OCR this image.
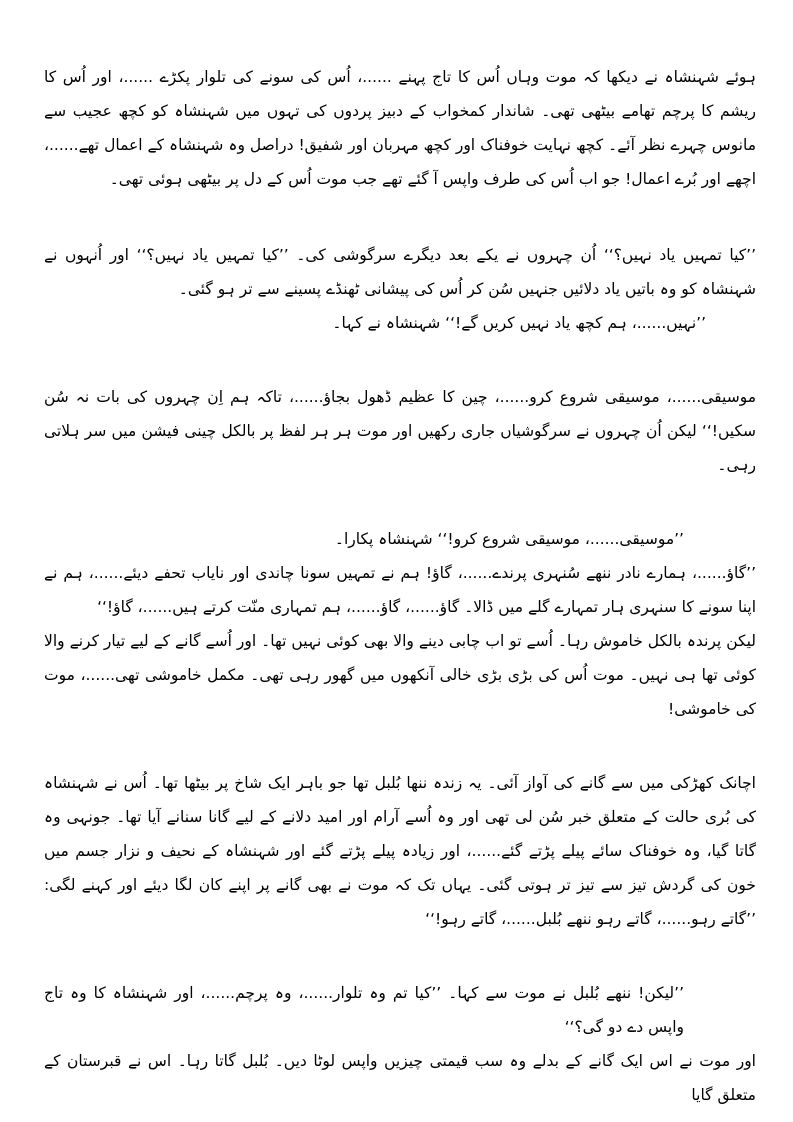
ہوئے شہنشاہ نے دیکھا کہ موت وہاں اُس کا تاج پہنے ......، اُس کی سونے کی تلوار پکڑے ......، اور اُس کا ریشم کا پرچم تھامے بیٹھی تھی۔ شاندار کمخواب کے دبیز پردوں کی تہوں میں شہنشاہ کو کچھ عجیب سے مانوس چہرے نظر آئے۔ کچھ نہایت خوفناک اور کچھ مہربان اور شفیق! دراصل وہ شہنشاہ کے اعمال تھے......، اچھے اور بُرے اعمال! جو اب اُس کی طرف واپس آ گئے تھے جب موت اُس کے دل پر بیٹھی ہوئی تھی۔

’’کیا تمہیں یاد نہیں؟‘‘ اُن چہروں نے یکے بعد دیگرے سرگوشی کی۔ ’’کیا تمہیں یاد نہیں؟‘‘ اور اُنہوں نے شہنشاہ کو وہ باتیں یاد دلائیں جنہیں سُن کر اُس کی پیشانی ٹھنڈے پسینے سے تر ہو گئی۔

’’نہیں......، ہم کچھ یاد نہیں کریں گے!‘‘ شہنشاہ نے کہا۔

موسیقی......، موسیقی شروع کرو......، چین کا عظیم ڈھول بجاؤ......، تاکہ ہم اِن چہروں کی بات نہ سُن سکیں!‘‘ لیکن اُن چہروں نے سرگوشیاں جاری رکھیں اور موت ہر ہر لفظ پر بالکل چینی فیشن میں سر ہلاتی رہی۔

’’موسیقی......، موسیقی شروع کرو!‘‘ شہنشاہ پکارا۔

’’گاؤ......، ہمارے نادر ننھے سُنہری پرندے......، گاؤ! ہم نے تمہیں سونا چاندی اور نایاب تحفے دیئے......، ہم نے اپنا سونے کا سنہری ہار تمہارے گلے میں ڈالا۔ گاؤ......، گاؤ......، ہم تمہاری منّت کرتے ہیں......، گاؤ!‘‘

لیکن پرندہ بالکل خاموش رہا۔ اُسے تو اب چابی دینے والا بھی کوئی نہیں تھا۔ اور اُسے گانے کے لیے تیار کرنے والا کوئی تھا ہی نہیں۔ موت اُس کی بڑی بڑی خالی آنکھوں میں گھور رہی تھی۔ مکمل خاموشی تھی......، موت کی خاموشی!

اچانک کھڑکی میں سے گانے کی آواز آئی۔ یہ زندہ ننھا بُلبل تھا جو باہر ایک شاخ پر بیٹھا تھا۔ اُس نے شہنشاہ کی بُری حالت کے متعلق خبر سُن لی تھی اور وہ اُسے آرام اور امید دلانے کے لیے گانا سنانے آیا تھا۔ جونہی وہ گاتا گیا، وہ خوفناک سائے پیلے پڑتے گئے......، اور زیادہ پیلے پڑتے گئے اور شہنشاہ کے نحیف و نزار جسم میں خون کی گردش تیز سے تیز تر ہوتی گئی۔ یہاں تک کہ موت نے بھی گانے پر اپنے کان لگا دیئے اور کہنے لگی: ’’گاتے رہو......، گاتے رہو ننھے بُلبل......، گاتے رہو!‘‘

’’لیکن! ننھے بُلبل نے موت سے کہا۔ ’’کیا تم وہ تلوار......، وہ پرچم......، اور شہنشاہ کا وہ تاج واپس دے دو گی؟‘‘

اور موت نے اس ایک گانے کے بدلے وہ سب قیمتی چیزیں واپس لوٹا دیں۔ بُلبل گاتا رہا۔ اس نے قبرستان کے متعلق گایا
